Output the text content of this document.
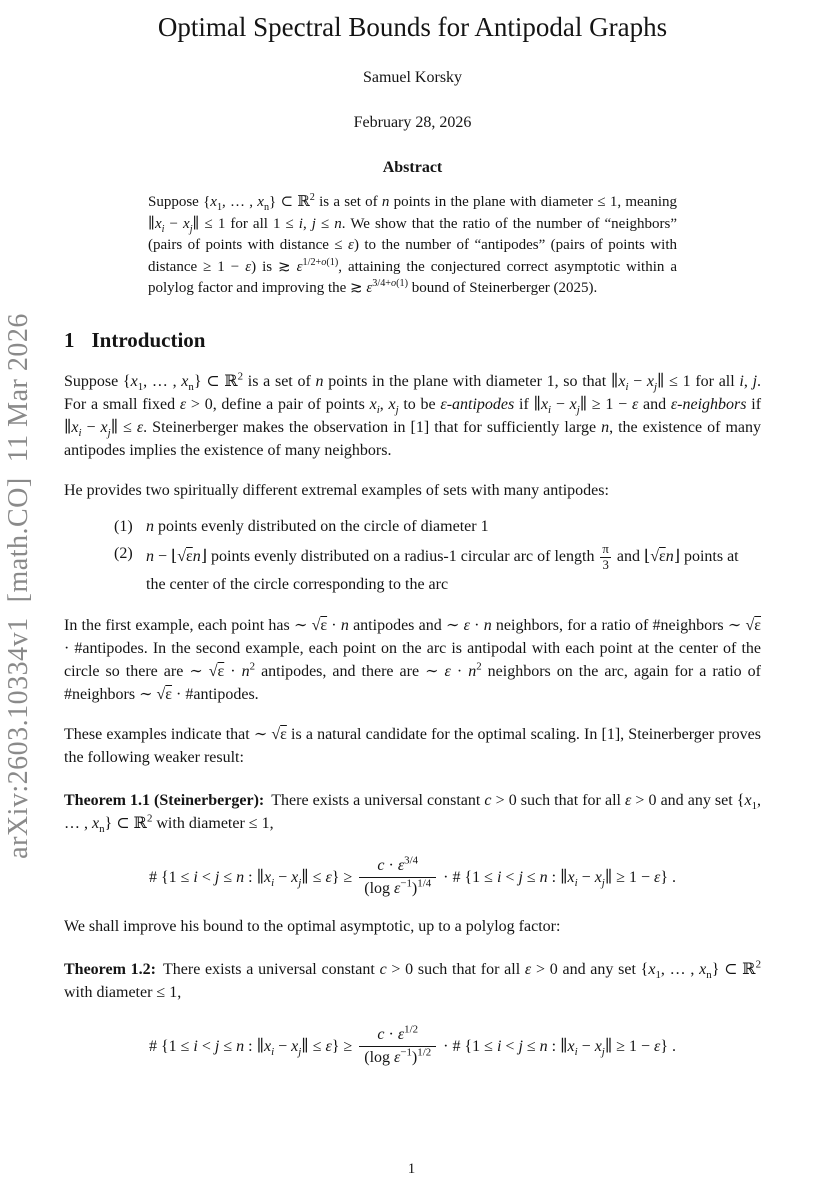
arXiv:2603.10334v1  [math.CO]  11 Mar 2026
Optimal Spectral Bounds for Antipodal Graphs
Samuel Korsky
February 28, 2026
Abstract
Suppose {$x_1$, … , $x_n$} ⊂ ℝ$^2$ is a set of n points in the plane with diameter ≤ 1, meaning $\parallel x_i$ − $x_j\parallel \le 1$ for all 1 ≤ i, j ≤ n. We show that the ratio of the number of “neighbors” (pairs of points with distance ≤ ε) to the number of “antipodes” (pairs of points with distance ≥ 1 − ε) is ≳ $\varepsilon^{1/2+o(1)}$, attaining the conjectured correct asymptotic within a polylog factor and improving the ≳ $\varepsilon^{3/4+o(1)}$ bound of Steinerberger (2025).
1 Introduction

Suppose {$x_1$, … , $x_n$} ⊂ ℝ$^2$ is a set of n points in the plane with diameter 1, so that $\parallel x_i$ − $x_j\parallel \le 1$ for all i, j. For a small fixed ε > 0, define a pair of points $x_i$, $x_j$ to be ε-antipodes if $\parallel x_i$ − $x_j\parallel \ge 1 - \varepsilon$ and ε-neighbors if $\parallel x_i$ − $x_j\parallel \le \varepsilon$. Steinerberger makes the observation in [1] that for sufficiently large n, the existence of many antipodes implies the existence of many neighbors.

He provides two spiritually different extremal examples of sets with many antipodes:

(1) n points evenly distributed on the circle of diameter 1
(2) n − ⌊√εn⌋ points evenly distributed on a radius-1 circular arc of length $\frac{\pi}{3}$ and ⌊√εn⌋ points at the center of the circle corresponding to the arc

In the first example, each point has ∼ √ε · n antipodes and ∼ ε · n neighbors, for a ratio of #neighbors ∼ √ε · #antipodes. In the second example, each point on the arc is antipodal with each point at the center of the circle so there are ∼ $√\varepsilon \cdot n^2$ antipodes, and there are ∼ $\varepsilon \cdot n^2$ neighbors on the arc, again for a ratio of #neighbors ∼ √ε · #antipodes.

These examples indicate that ∼ √ε is a natural candidate for the optimal scaling. In [1], Steinerberger proves the following weaker result:

Theorem 1.1 (Steinerberger): There exists a universal constant c > 0 such that for all ε > 0 and any set {$x_1$, … , $x_n$} ⊂ ℝ$^2$ with diameter ≤ 1,

# {1 ≤ i < j ≤ n : $\parallel x_i$ − $x_j\parallel \le \varepsilon\} \ge \frac{c \cdot \varepsilon^{3/4}}{(\log \varepsilon^{-1})^{1/4}}$ · # {1 ≤ i < j ≤ n : $\parallel x_i$ − $x_j\parallel \ge 1 - \varepsilon$} .

We shall improve his bound to the optimal asymptotic, up to a polylog factor:

Theorem 1.2: There exists a universal constant c > 0 such that for all ε > 0 and any set {$x_1$, … , $x_n$} ⊂ ℝ$^2$ with diameter ≤ 1,

# {1 ≤ i < j ≤ n : $\parallel x_i$ − $x_j\parallel \le \varepsilon\} \ge \frac{c \cdot \varepsilon^{1/2}}{(\log \varepsilon^{-1})^{1/2}}$ · # {1 ≤ i < j ≤ n : $\parallel x_i$ − $x_j\parallel \ge 1 - \varepsilon$} .
1
